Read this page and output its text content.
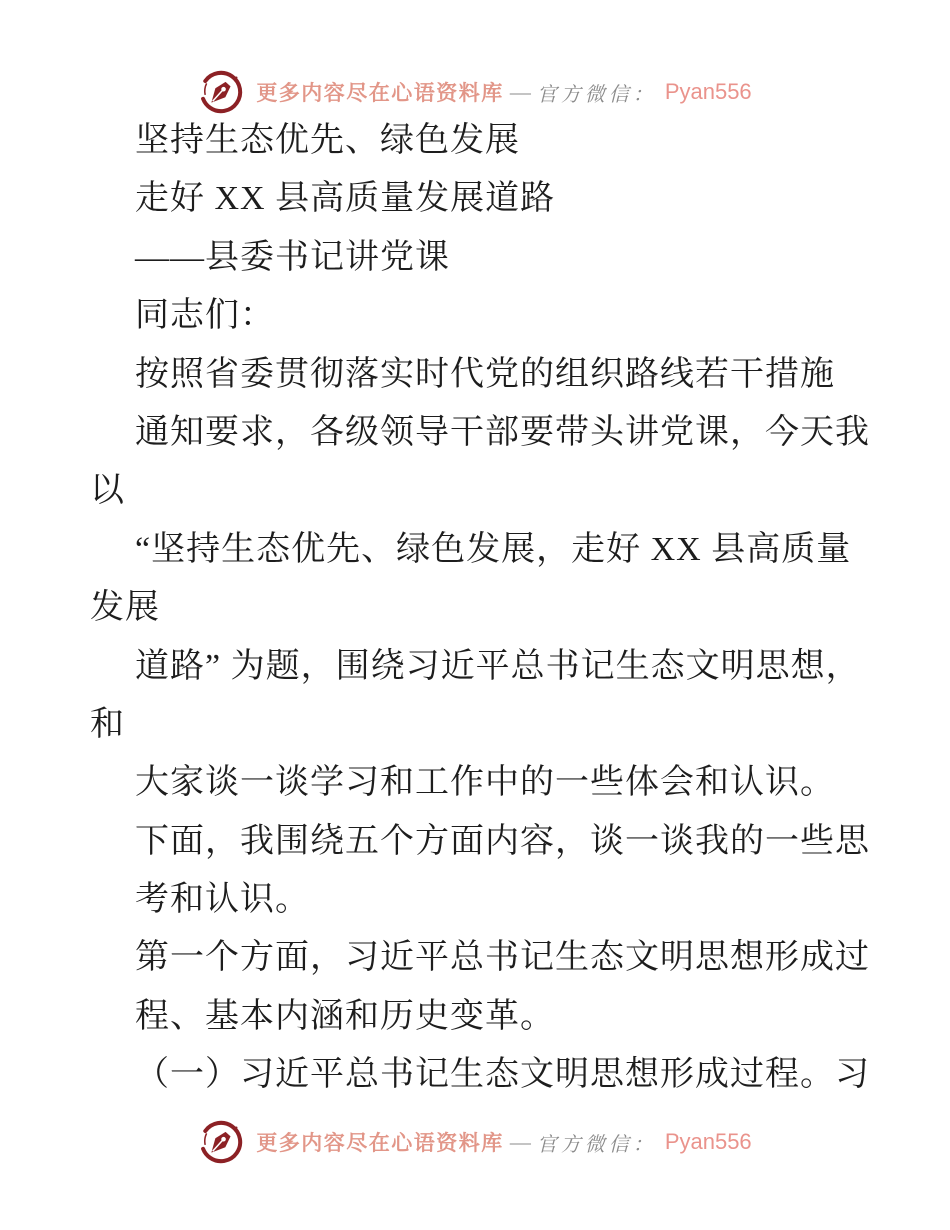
更多内容尽在心语资料库 — 官方微信： Pyan556
坚持生态优先、绿色发展
走好 XX 县高质量发展道路
——县委书记讲党课
同志们：
按照省委贯彻落实时代党的组织路线若干措施
通知要求，各级领导干部要带头讲党课，今天我
以
“坚持生态优先、绿色发展，走好 XX 县高质量
发展
道路” 为题，围绕习近平总书记生态文明思想，
和
大家谈一谈学习和工作中的一些体会和认识。
下面，我围绕五个方面内容，谈一谈我的一些思
考和认识。
第一个方面，习近平总书记生态文明思想形成过
程、基本内涵和历史变革。
（一）习近平总书记生态文明思想形成过程。习
更多内容尽在心语资料库 — 官方微信： Pyan556
